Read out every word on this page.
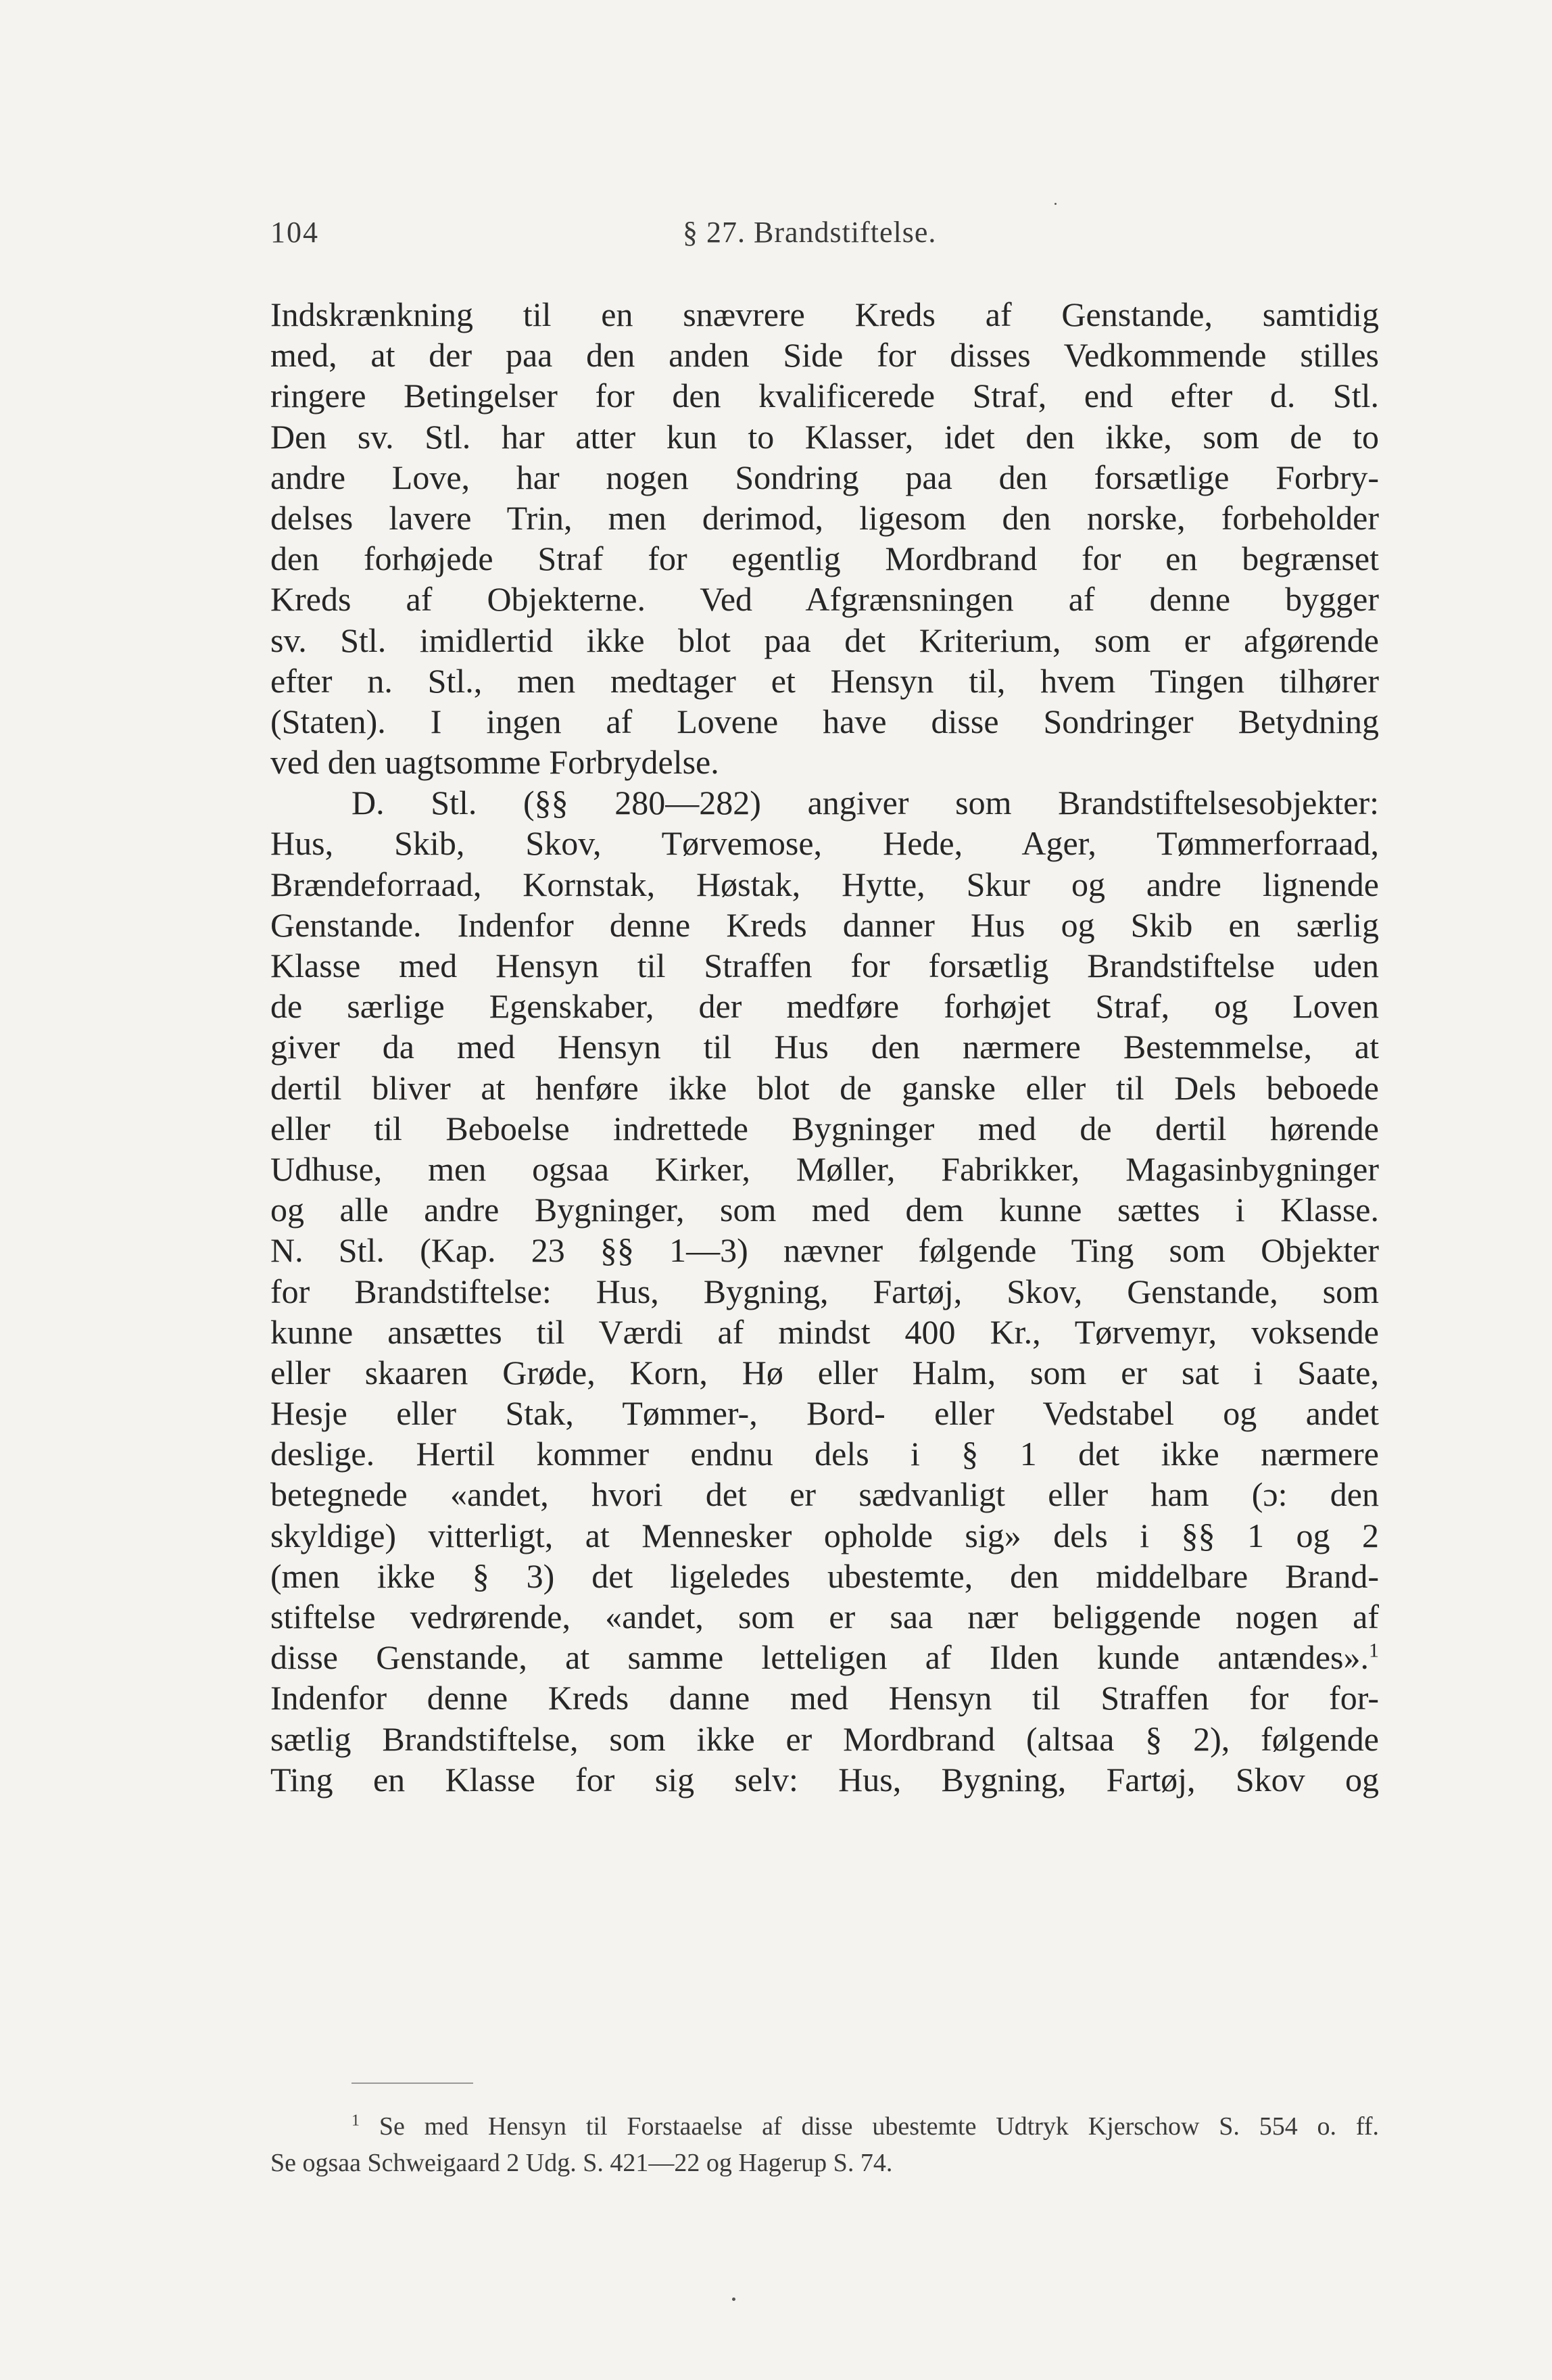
104	§ 27. Brandstiftelse.
Indskrænkning til en snævrere Kreds af Genstande, samtidig
med, at der paa den anden Side for disses Vedkommende stilles
ringere Betingelser for den kvalificerede Straf, end efter d. Stl.
Den sv. Stl. har atter kun to Klasser, idet den ikke, som de to
andre Love, har nogen Sondring paa den forsætlige Forbry-
delses lavere Trin, men derimod, ligesom den norske, forbeholder
den forhøjede Straf for egentlig Mordbrand for en begrænset
Kreds af Objekterne. Ved Afgrænsningen af denne bygger
sv. Stl. imidlertid ikke blot paa det Kriterium, som er afgørende
efter n. Stl., men medtager et Hensyn til, hvem Tingen tilhører
(Staten). I ingen af Lovene have disse Sondringer Betydning
ved den uagtsomme Forbrydelse.
D. Stl. (§§ 280—282) angiver som Brandstiftelsesobjekter:
Hus, Skib, Skov, Tørvemose, Hede, Ager, Tømmerforraad,
Brændeforraad, Kornstak, Høstak, Hytte, Skur og andre lignende
Genstande. Indenfor denne Kreds danner Hus og Skib en særlig
Klasse med Hensyn til Straffen for forsætlig Brandstiftelse uden
de særlige Egenskaber, der medføre forhøjet Straf, og Loven
giver da med Hensyn til Hus den nærmere Bestemmelse, at
dertil bliver at henføre ikke blot de ganske eller til Dels beboede
eller til Beboelse indrettede Bygninger med de dertil hørende
Udhuse, men ogsaa Kirker, Møller, Fabrikker, Magasinbygninger
og alle andre Bygninger, som med dem kunne sættes i Klasse.
N. Stl. (Kap. 23 §§ 1—3) nævner følgende Ting som Objekter
for Brandstiftelse: Hus, Bygning, Fartøj, Skov, Genstande, som
kunne ansættes til Værdi af mindst 400 Kr., Tørvemyr, voksende
eller skaaren Grøde, Korn, Hø eller Halm, som er sat i Saate,
Hesje eller Stak, Tømmer-, Bord- eller Vedstabel og andet
deslige. Hertil kommer endnu dels i § 1 det ikke nærmere
betegnede «andet, hvori det er sædvanligt eller ham (ɔ: den
skyldige) vitterligt, at Mennesker opholde sig» dels i §§ 1 og 2
(men ikke § 3) det ligeledes ubestemte, den middelbare Brand-
stiftelse vedrørende, «andet, som er saa nær beliggende nogen af
disse Genstande, at samme letteligen af Ilden kunde antændes».$^1$
Indenfor denne Kreds danne med Hensyn til Straffen for for-
sætlig Brandstiftelse, som ikke er Mordbrand (altsaa § 2), følgende
Ting en Klasse for sig selv: Hus, Bygning, Fartøj, Skov og
$^1$ Se med Hensyn til Forstaaelse af disse ubestemte Udtryk Kjerschow S. 554 o. ff.
Se ogsaa Schweigaard 2 Udg. S. 421—22 og Hagerup S. 74.
